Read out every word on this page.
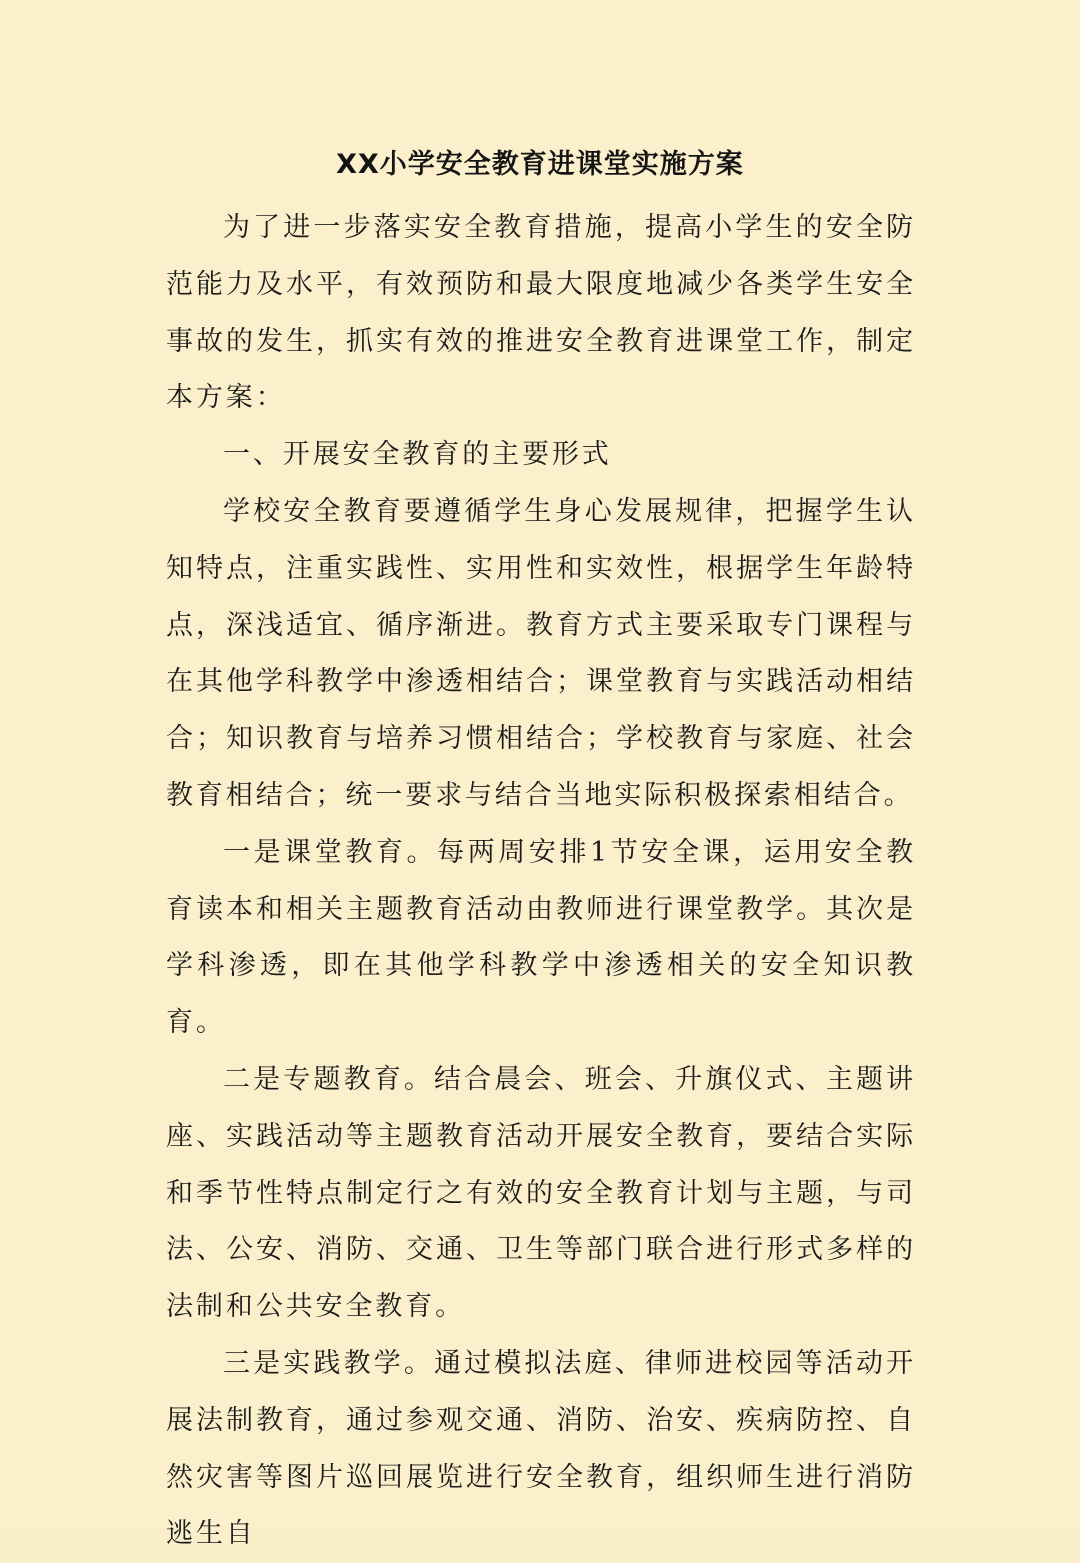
XX小学安全教育进课堂实施方案

为了进一步落实安全教育措施，提高小学生的安全防范能力及水平，有效预防和最大限度地减少各类学生安全事故的发生，抓实有效的推进安全教育进课堂工作，制定本方案：

一、开展安全教育的主要形式

学校安全教育要遵循学生身心发展规律，把握学生认知特点，注重实践性、实用性和实效性，根据学生年龄特点，深浅适宜、循序渐进。教育方式主要采取专门课程与在其他学科教学中渗透相结合；课堂教育与实践活动相结合；知识教育与培养习惯相结合；学校教育与家庭、社会教育相结合；统一要求与结合当地实际积极探索相结合。

一是课堂教育。每两周安排1节安全课，运用安全教育读本和相关主题教育活动由教师进行课堂教学。其次是学科渗透，即在其他学科教学中渗透相关的安全知识教育。

二是专题教育。结合晨会、班会、升旗仪式、主题讲座、实践活动等主题教育活动开展安全教育，要结合实际和季节性特点制定行之有效的安全教育计划与主题，与司法、公安、消防、交通、卫生等部门联合进行形式多样的法制和公共安全教育。

三是实践教学。通过模拟法庭、律师进校园等活动开展法制教育，通过参观交通、消防、治安、疾病防控、自然灾害等图片巡回展览进行安全教育，组织师生进行消防逃生自
